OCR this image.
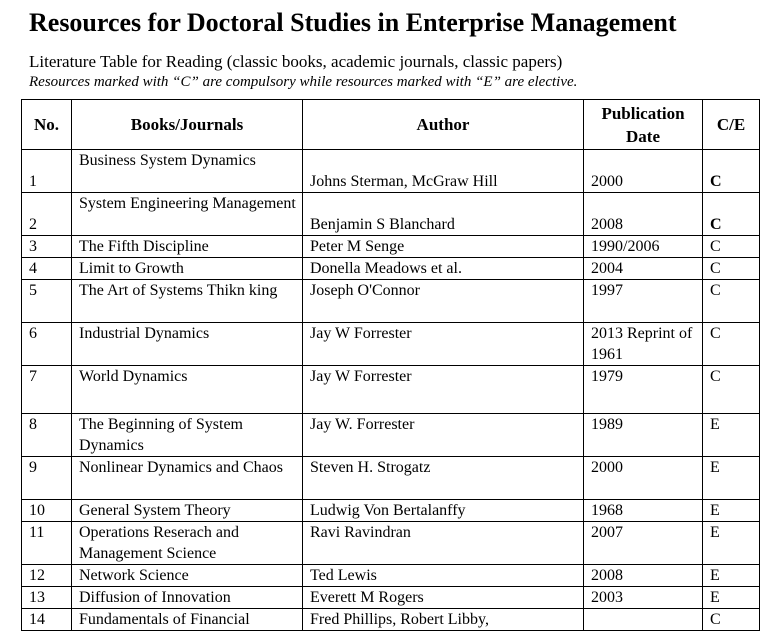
Resources for Doctoral Studies in Enterprise Management
Literature Table for Reading (classic books, academic journals, classic papers)
Resources marked with “C” are compulsory while resources marked with “E” are elective.
No.	Books/Journals	Author	Publication Date	C/E
1	Business System Dynamics	Johns Sterman, McGraw Hill	2000	C
2	System Engineering Management	Benjamin S Blanchard	2008	C
3	The Fifth Discipline	Peter M Senge	1990/2006	C
4	Limit to Growth	Donella Meadows et al.	2004	C
5	The Art of Systems Thikn king	Joseph O'Connor	1997	C
6	Industrial Dynamics	Jay W Forrester	2013 Reprint of 1961	C
7	World Dynamics	Jay W Forrester	1979	C
8	The Beginning of System Dynamics	Jay W. Forrester	1989	E
9	Nonlinear Dynamics and Chaos	Steven H. Strogatz	2000	E
10	General System Theory	Ludwig Von Bertalanffy	1968	E
11	Operations Reserach and Management Science	Ravi Ravindran	2007	E
12	Network Science	Ted Lewis	2008	E
13	Diffusion of Innovation	Everett M Rogers	2003	E
14	Fundamentals of Financial	Fred Phillips, Robert Libby,		C
